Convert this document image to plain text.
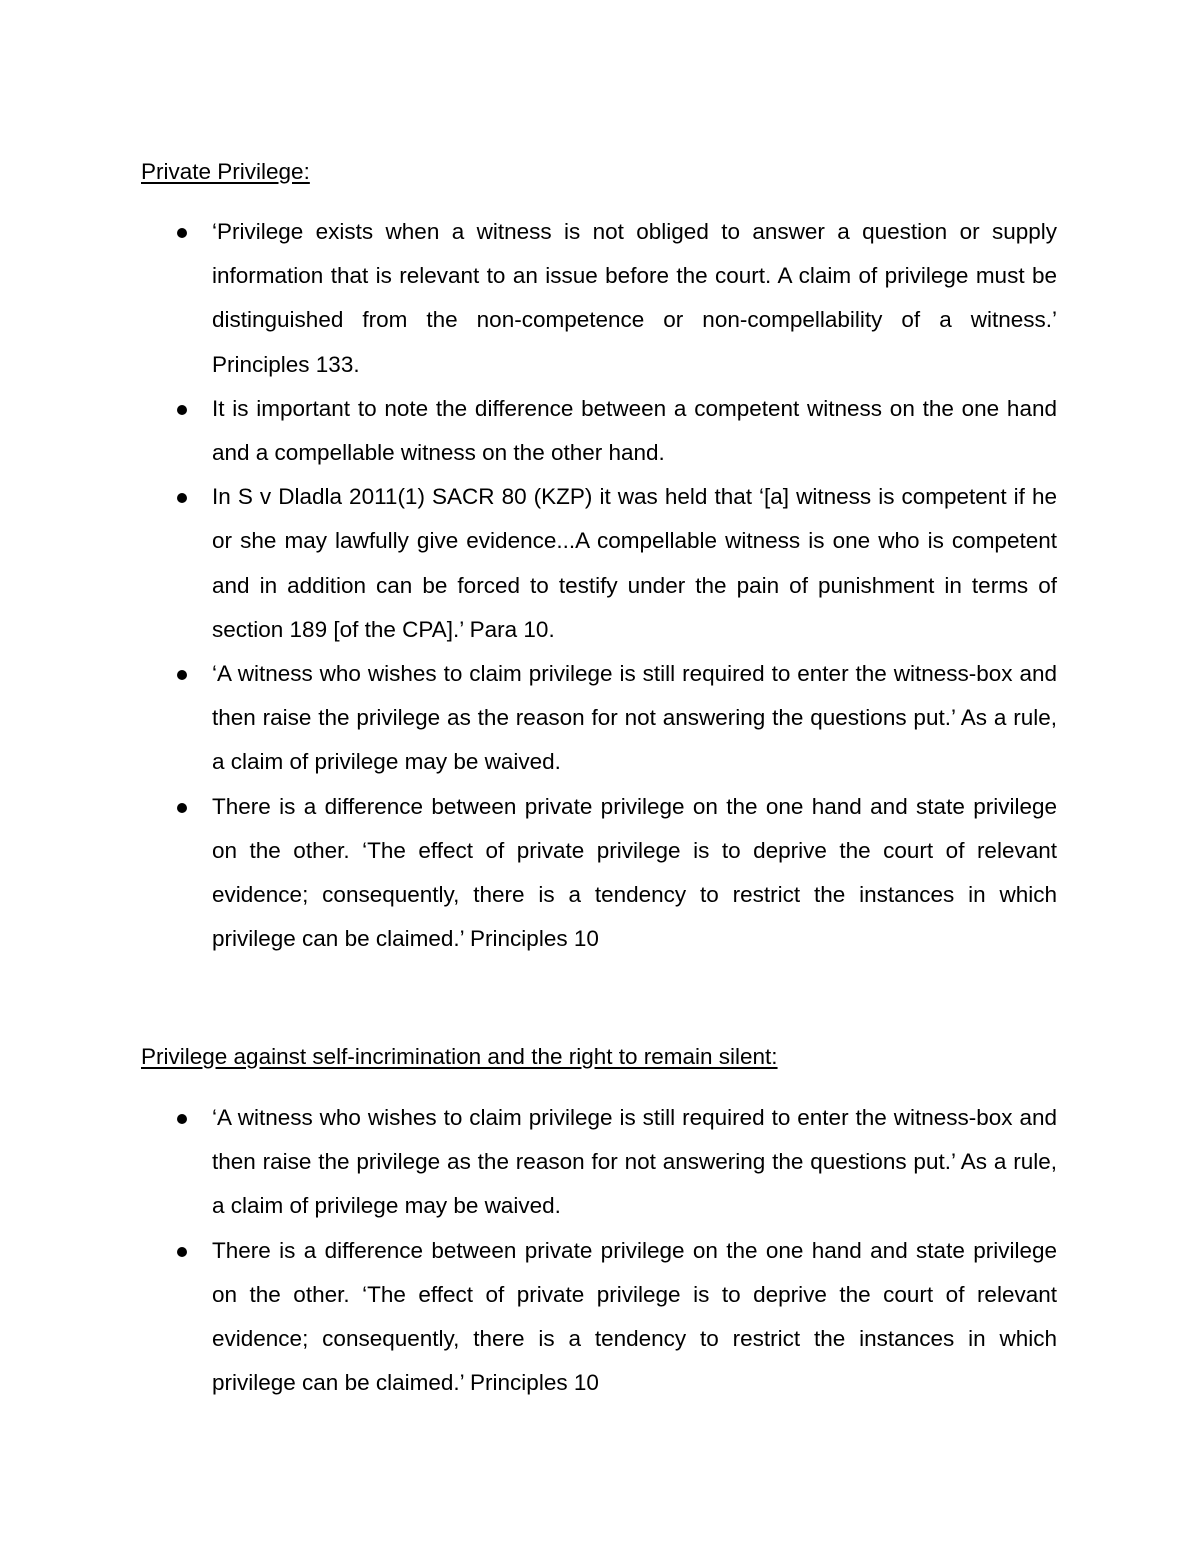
Private Privilege:
‘Privilege exists when a witness is not obliged to answer a question or supply information that is relevant to an issue before the court. A claim of privilege must be distinguished from the non-competence or non-compellability of a witness.’ Principles 133.
It is important to note the difference between a competent witness on the one hand and a compellable witness on the other hand.
In S v Dladla 2011(1) SACR 80 (KZP) it was held that ‘[a] witness is competent if he or she may lawfully give evidence...A compellable witness is one who is competent and in addition can be forced to testify under the pain of punishment in terms of section 189 [of the CPA].’ Para 10.
‘A witness who wishes to claim privilege is still required to enter the witness-box and then raise the privilege as the reason for not answering the questions put.’ As a rule, a claim of privilege may be waived.
There is a difference between private privilege on the one hand and state privilege on the other. ‘The effect of private privilege is to deprive the court of relevant evidence; consequently, there is a tendency to restrict the instances in which privilege can be claimed.’ Principles 10
Privilege against self-incrimination and the right to remain silent:
‘A witness who wishes to claim privilege is still required to enter the witness-box and then raise the privilege as the reason for not answering the questions put.’ As a rule, a claim of privilege may be waived.
There is a difference between private privilege on the one hand and state privilege on the other. ‘The effect of private privilege is to deprive the court of relevant evidence; consequently, there is a tendency to restrict the instances in which privilege can be claimed.’ Principles 10
